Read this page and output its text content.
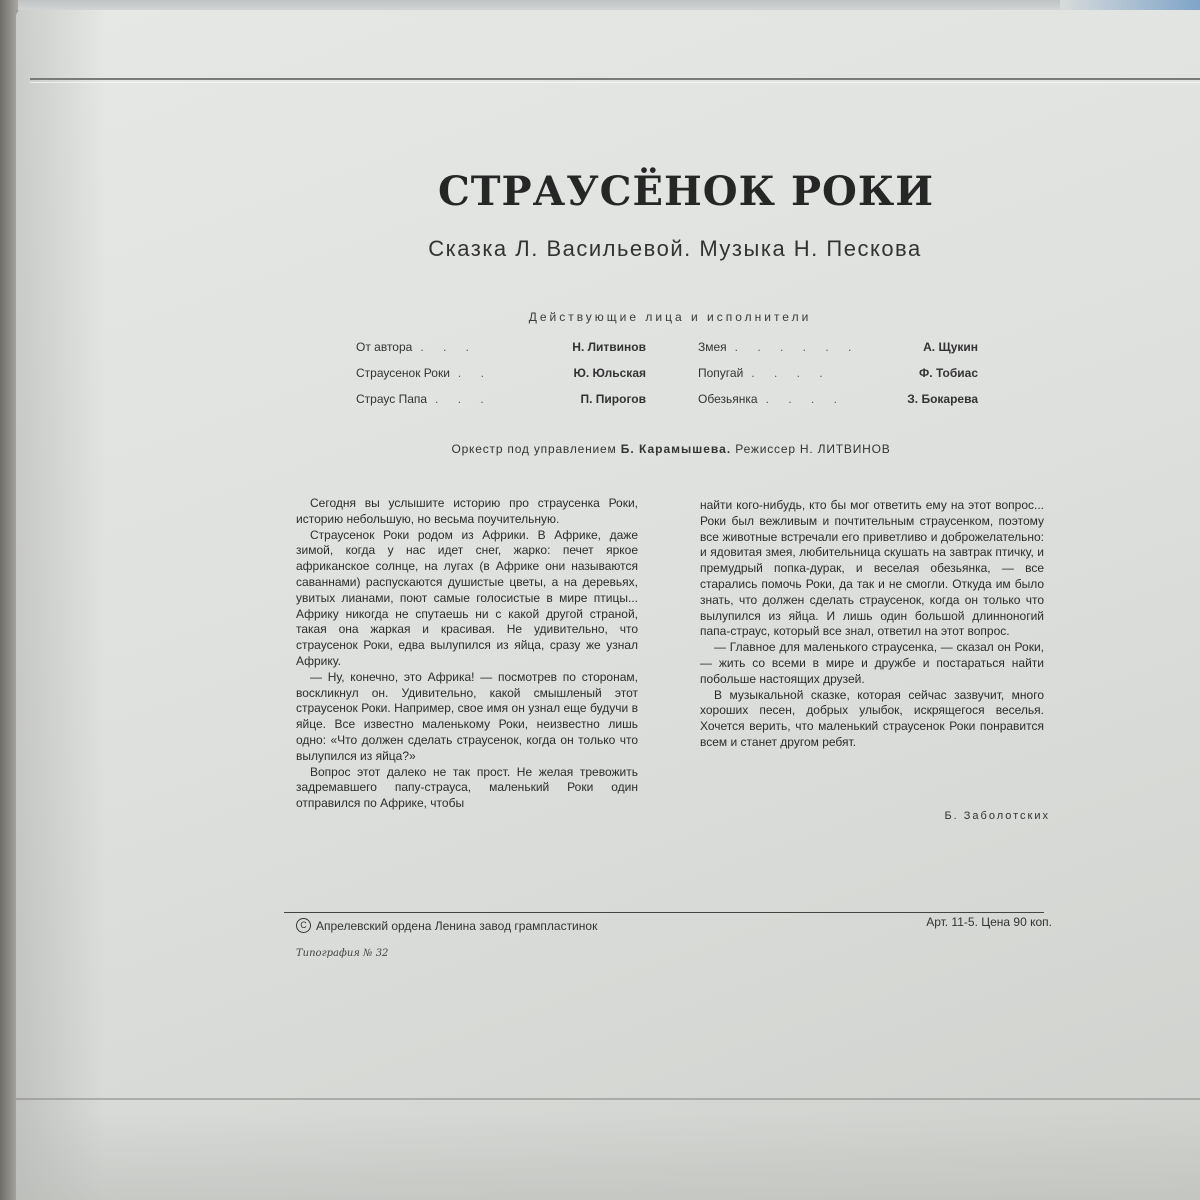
СТРАУСЁНОК РОКИ
Сказка Л. Васильевой. Музыка Н. Пескова
Действующие лица и исполнители
От автора . . .	Н. Литвинов
Страусенок Роки . .	Ю. Юльская
Страус Папа . . .	П. Пирогов
Змея . . . . . .	А. Щукин
Попугай . . . .	Ф. Тобиас
Обезьянка . . . .	З. Бокарева
Оркестр под управлением Б. Карамышева. Режиссер Н. ЛИТВИНОВ

Сегодня вы услышите историю про страусенка Роки, историю небольшую, но весьма поучительную.

Страусенок Роки родом из Африки. В Африке, даже зимой, когда у нас идет снег, жарко: печет яркое африканское солнце, на лугах (в Африке они называются саваннами) распускаются душистые цветы, а на деревьях, увитых лианами, поют самые голосистые в мире птицы... Африку никогда не спутаешь ни с какой другой страной, такая она жаркая и красивая. Не удивительно, что страусенок Роки, едва вылупился из яйца, сразу же узнал Африку.

— Ну, конечно, это Африка! — посмотрев по сторонам, воскликнул он. Удивительно, какой смышленый этот страусенок Роки. Например, свое имя он узнал еще будучи в яйце. Все известно маленькому Роки, неизвестно лишь одно: «Что должен сделать страусенок, когда он только что вылупился из яйца?»

Вопрос этот далеко не так прост. Не желая тревожить задремавшего папу-страуса, маленький Роки один отправился по Африке, чтобы

найти кого-нибудь, кто бы мог ответить ему на этот вопрос... Роки был вежливым и почтительным страусенком, поэтому все животные встречали его приветливо и доброжелательно: и ядовитая змея, любительница скушать на завтрак птичку, и премудрый попка-дурак, и веселая обезьянка, — все старались помочь Роки, да так и не смогли. Откуда им было знать, что должен сделать страусенок, когда он только что вылупился из яйца. И лишь один большой длинноногий папа-страус, который все знал, ответил на этот вопрос.

— Главное для маленького страусенка, — сказал он Роки, — жить со всеми в мире и дружбе и постараться найти побольше настоящих друзей.

В музыкальной сказке, которая сейчас зазвучит, много хороших песен, добрых улыбок, искрящегося веселья. Хочется верить, что маленький страусенок Роки понравится всем и станет другом ребят.

Б. Заболотских
С Апрелевский ордена Ленина завод грампластинок	Арт. 11-5. Цена 90 коп.
Типография № 32
